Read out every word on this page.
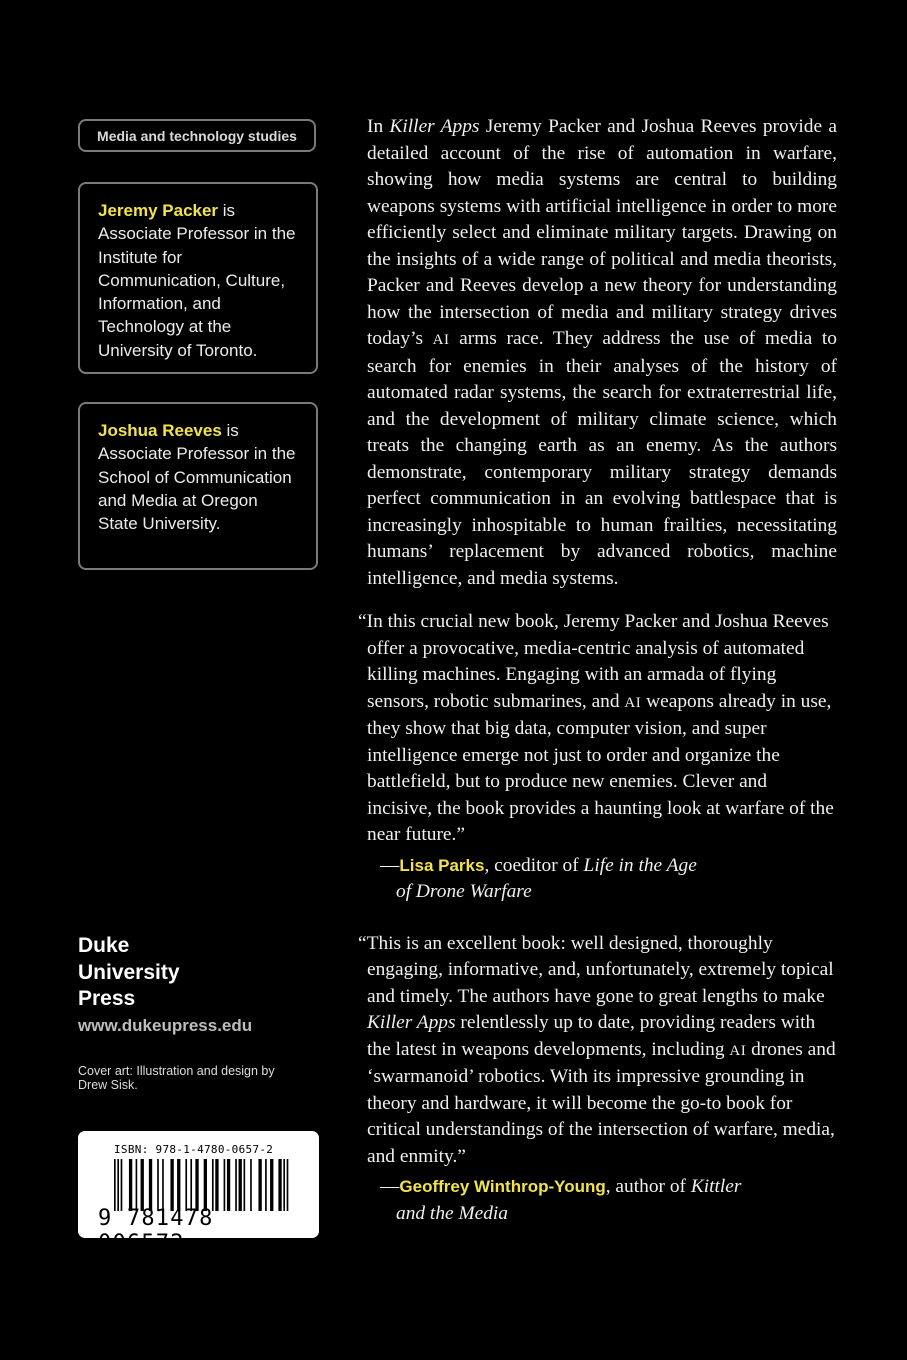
Media and technology studies
Jeremy Packer is Associate Professor in the Institute for Communication, Culture, Information, and Technology at the University of Toronto.
Joshua Reeves is Associate Professor in the School of Communication and Media at Oregon State University.
Duke
University
Press
www.dukeupress.edu
Cover art: Illustration and design by Drew Sisk.
ISBN: 978-1-4780-0657-2
9 781478 006572

In Killer Apps Jeremy Packer and Joshua Reeves provide a detailed account of the rise of automation in warfare, showing how media systems are central to building weapons systems with artificial intelligence in order to more efficiently select and eliminate military targets. Drawing on the insights of a wide range of political and media theorists, Packer and Reeves develop a new theory for understanding how the intersection of media and military strategy drives today’s AI arms race. They address the use of media to search for enemies in their analyses of the history of automated radar systems, the search for extraterrestrial life, and the development of military climate science, which treats the changing earth as an enemy. As the authors demonstrate, contemporary military strategy demands perfect communication in an evolving battlespace that is increasingly inhospitable to human frailties, necessitating humans’ replacement by advanced robotics, machine intelligence, and media systems.

“In this crucial new book, Jeremy Packer and Joshua Reeves offer a provocative, media-centric analysis of automated killing machines. Engaging with an armada of flying sensors, robotic submarines, and AI weapons already in use, they show that big data, computer vision, and super intelligence emerge not just to order and organize the battlefield, but to produce new enemies. Clever and incisive, the book provides a haunting look at warfare of the near future.”

—Lisa Parks, coeditor of Life in the Age
of Drone Warfare

“This is an excellent book: well designed, thoroughly engaging, informative, and, unfortunately, extremely topical and timely. The authors have gone to great lengths to make Killer Apps relentlessly up to date, providing readers with the latest in weapons developments, including AI drones and ‘swarmanoid’ robotics. With its impressive grounding in theory and hardware, it will become the go-to book for critical understandings of the intersection of warfare, media, and enmity.”

—Geoffrey Winthrop-Young, author of Kittler
and the Media
